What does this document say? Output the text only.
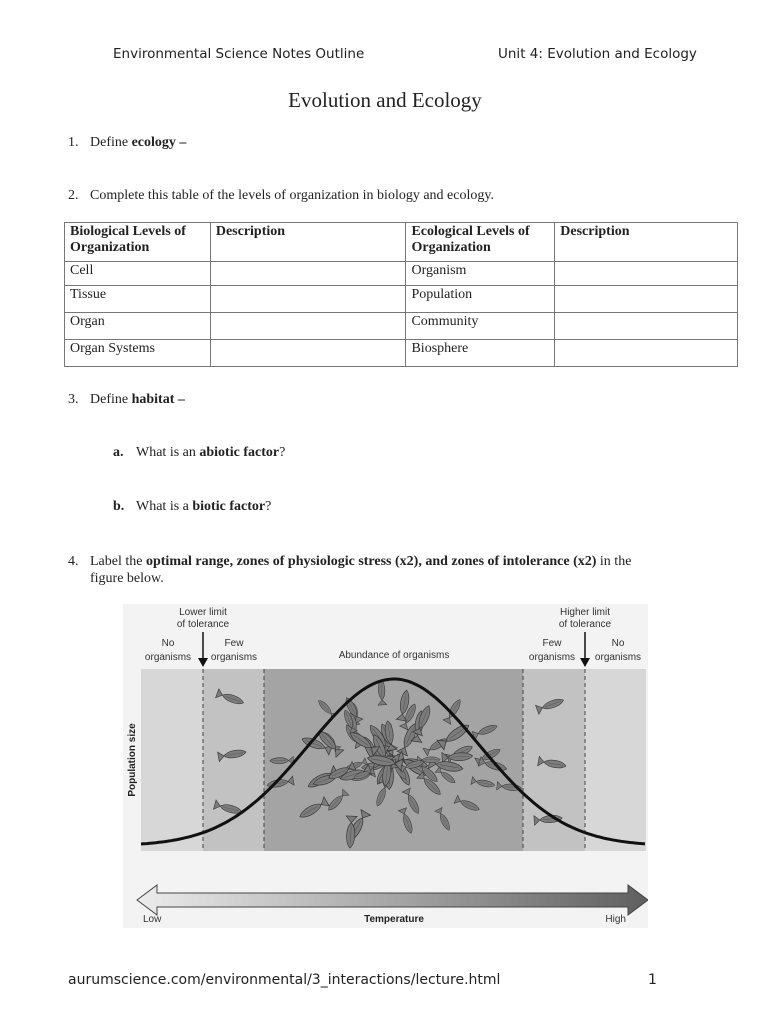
Environmental Science Notes Outline	Unit 4: Evolution and Ecology
Evolution and Ecology
1. Define ecology –
2. Complete this table of the levels of organization in biology and ecology.
Biological Levels of Organization	Description	Ecological Levels of Organization	Description
Cell		Organism	
Tissue		Population	
Organ		Community	
Organ Systems		Biosphere	
3. Define habitat –
a. What is an abiotic factor?
b. What is a biotic factor?
4. Label the optimal range, zones of physiologic stress (x2), and zones of intolerance (x2) in the
figure below.
Lower limit
of tolerance
Higher limit
of tolerance
No
organisms
Few
organisms	Abundance of organisms
Few
organisms
No
organisms
Population size
Low	Temperature	High
aurumscience.com/environmental/3_interactions/lecture.html	1
